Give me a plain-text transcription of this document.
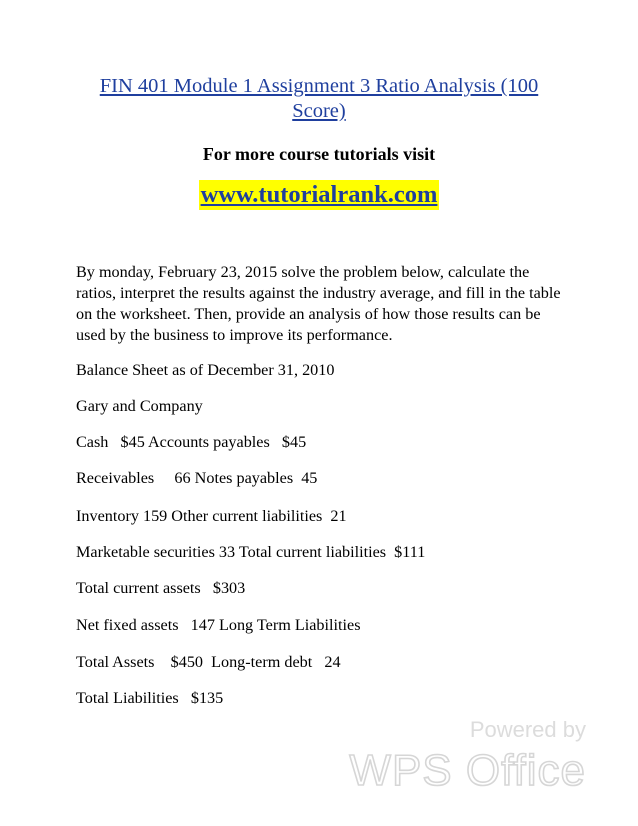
FIN 401 Module 1 Assignment 3 Ratio Analysis (100
Score)
For more course tutorials visit
www.tutorialrank.com
By monday, February 23, 2015 solve the problem below, calculate the ratios, interpret the results against the industry average, and fill in the table on the worksheet. Then, provide an analysis of how those results can be used by the business to improve its performance.
Balance Sheet as of December 31, 2010
Gary and Company
Cash   $45 Accounts payables   $45
Receivables     66 Notes payables  45
Inventory 159 Other current liabilities  21
Marketable securities 33 Total current liabilities  $111
Total current assets   $303
Net fixed assets   147 Long Term Liabilities
Total Assets    $450  Long-term debt   24
Total Liabilities   $135
Powered by
WPS Office
